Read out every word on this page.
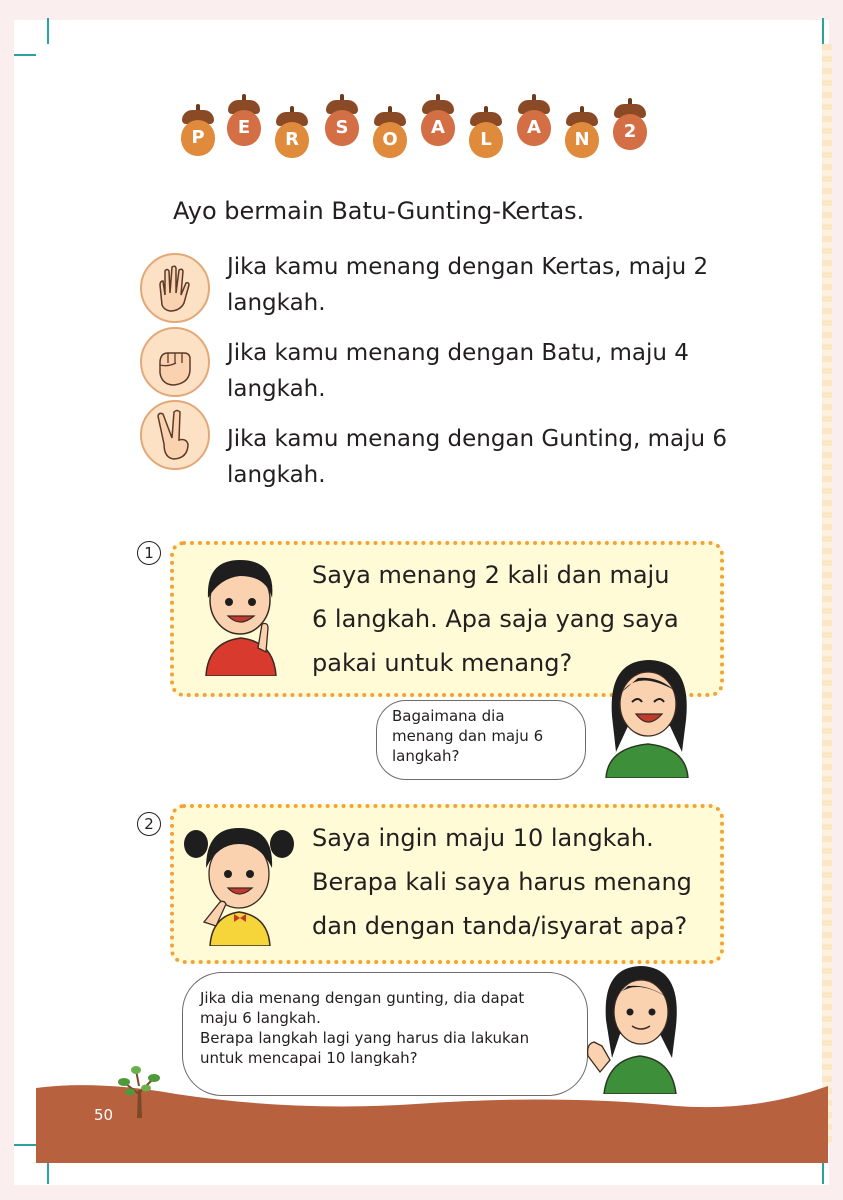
P	E
R
S
O
A
L
A
N	2
Ayo bermain Batu-Gunting-Kertas.
Jika kamu menang dengan Kertas, maju 2
langkah.
Jika kamu menang dengan Batu, maju 4
langkah.
Jika kamu menang dengan Gunting, maju 6
langkah.
1
Saya menang 2 kali dan maju
6 langkah. Apa saja yang saya
pakai untuk menang?
Bagaimana dia
menang dan maju 6
langkah?
2	Saya ingin maju 10 langkah.
Berapa kali saya harus menang
dan dengan tanda/isyarat apa?
Jika dia menang dengan gunting, dia dapat
maju 6 langkah.
Berapa langkah lagi yang harus dia lakukan
untuk mencapai 10 langkah?
50
